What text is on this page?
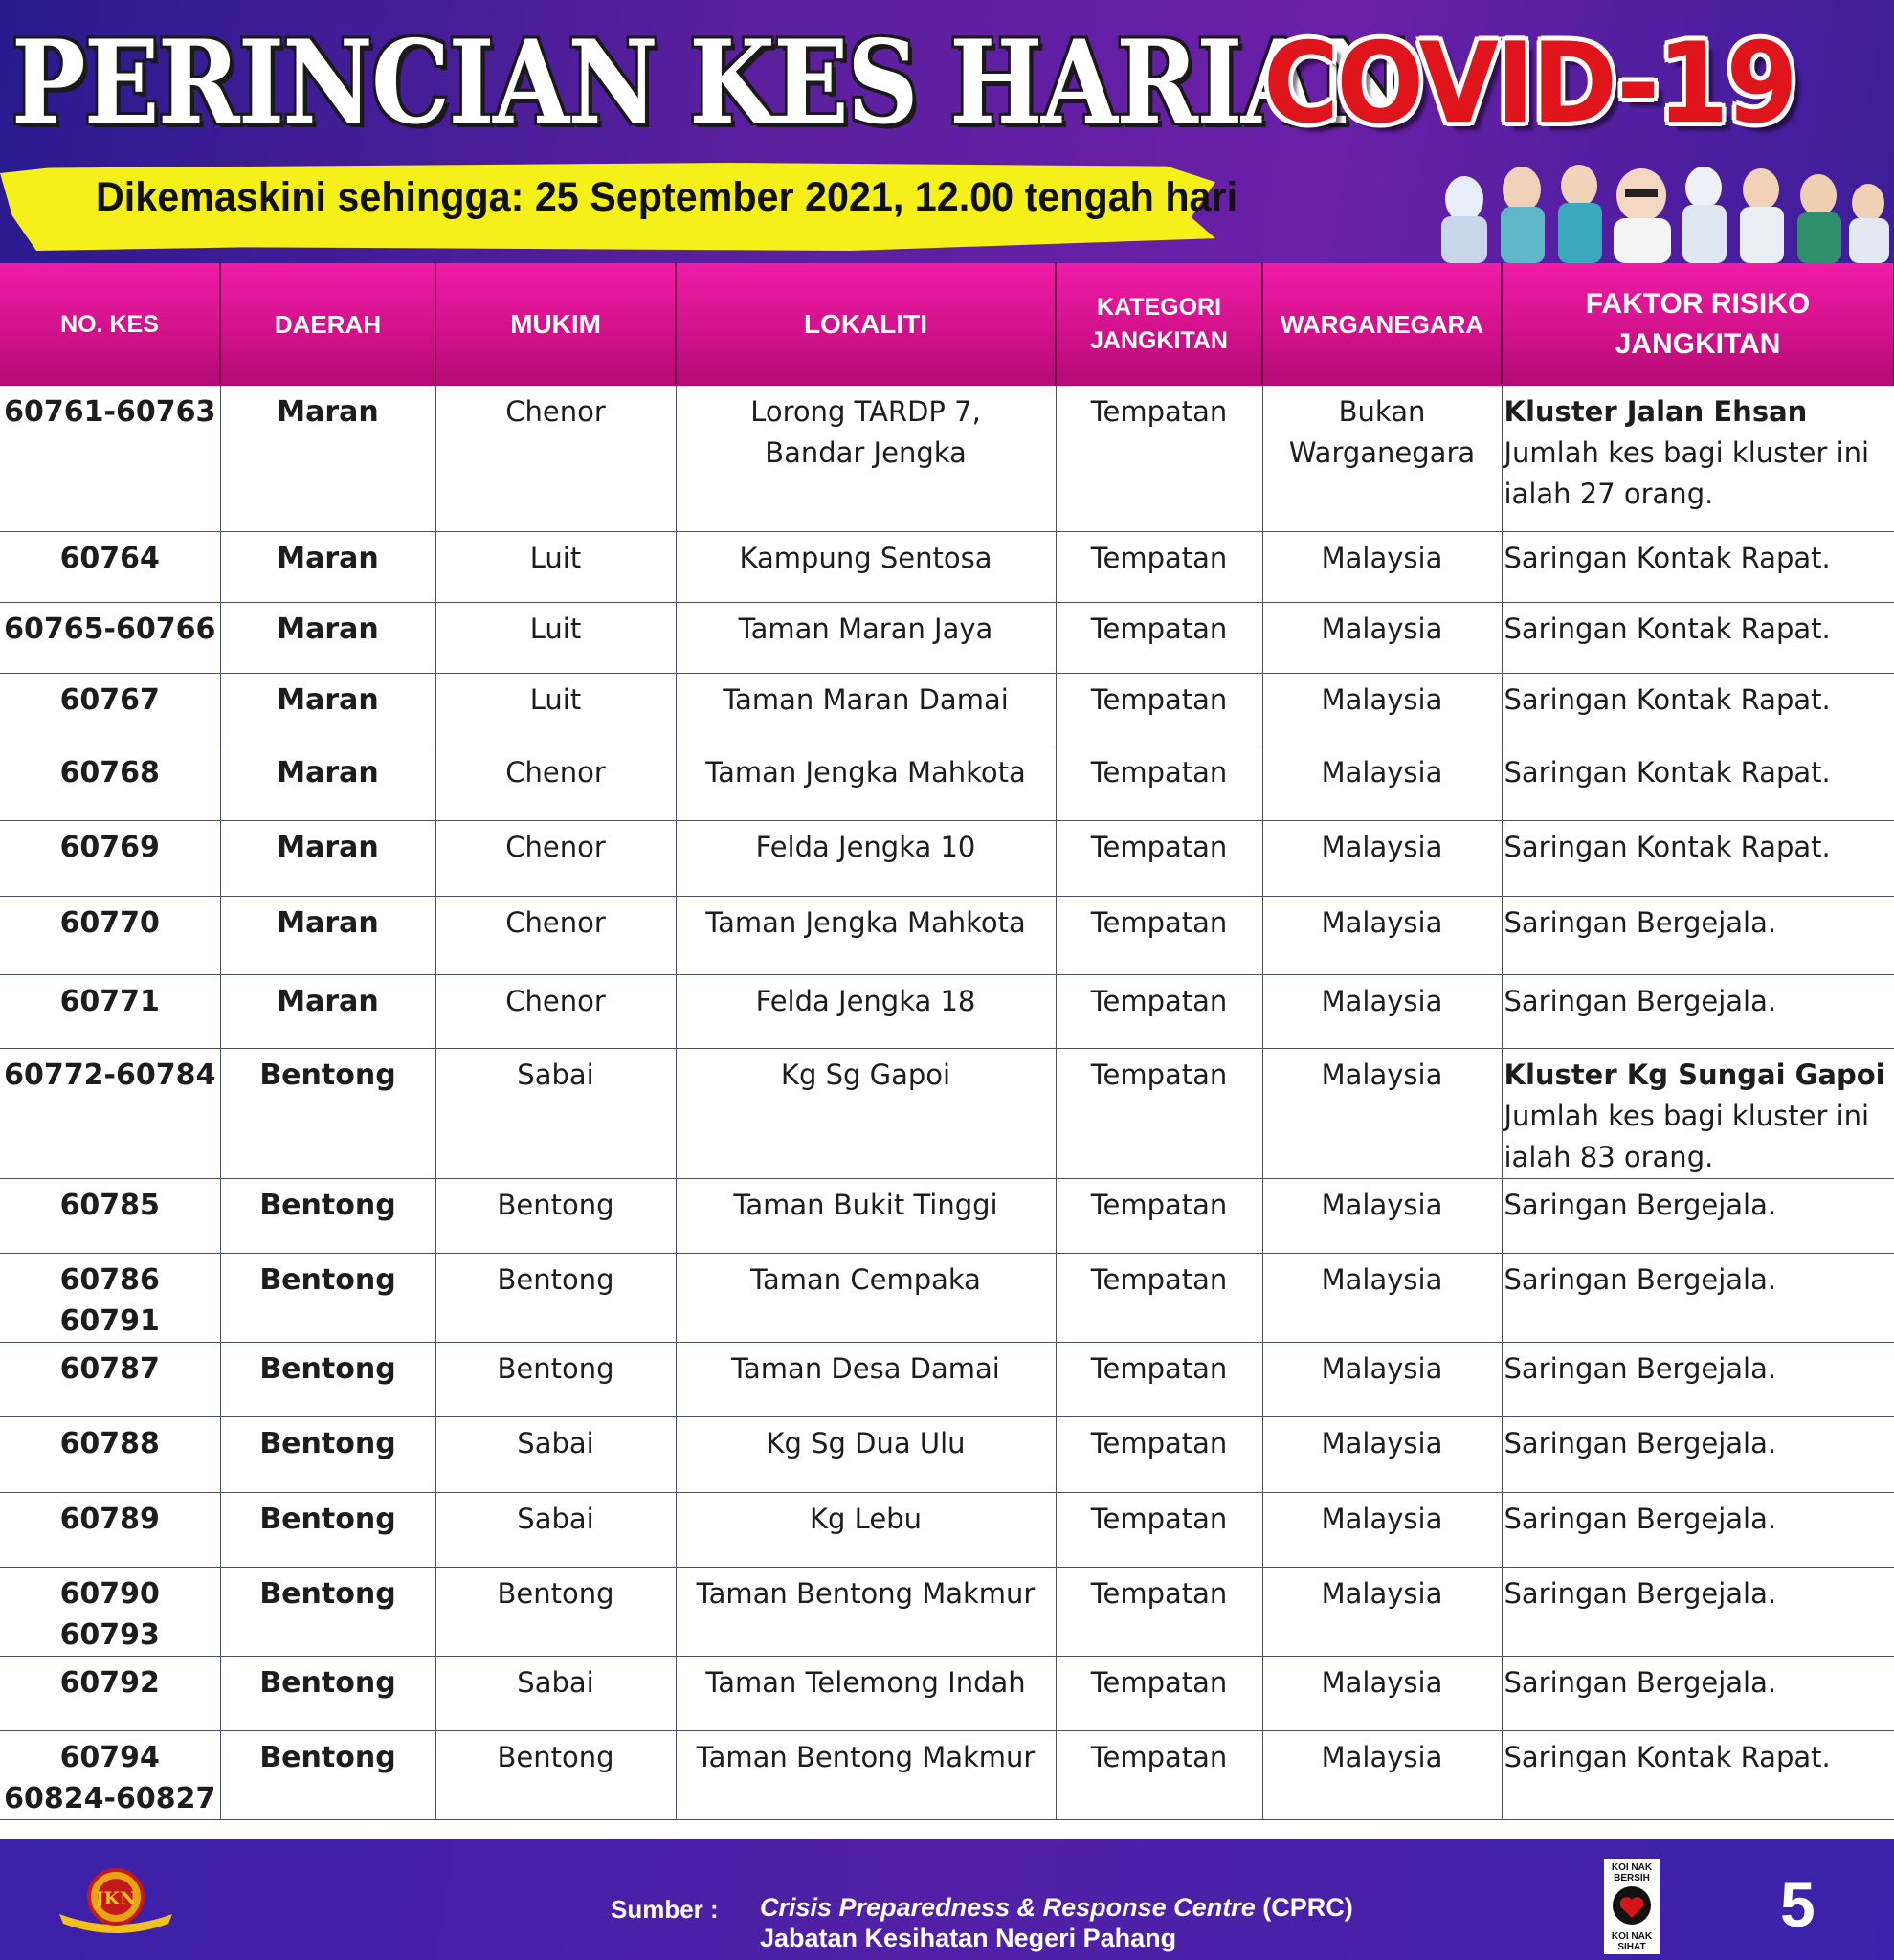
PERINCIAN KES HARIAN
COVID-19
Dikemaskini sehingga: 25 September 2021, 12.00 tengah hari
NO. KES	DAERAH	MUKIM	LOKALITI	KATEGORI
JANGKITAN	WARGANEGARA	FAKTOR RISIKO
JANGKITAN
60761-60763	Maran	Chenor	Lorong TARDP 7,
Bandar Jengka	Tempatan	Bukan
Warganegara	Kluster Jalan Ehsan
Jumlah kes bagi kluster ini ialah 27 orang.
60764	Maran	Luit	Kampung Sentosa	Tempatan	Malaysia	Saringan Kontak Rapat.
60765-60766	Maran	Luit	Taman Maran Jaya	Tempatan	Malaysia	Saringan Kontak Rapat.
60767	Maran	Luit	Taman Maran Damai	Tempatan	Malaysia	Saringan Kontak Rapat.
60768	Maran	Chenor	Taman Jengka Mahkota	Tempatan	Malaysia	Saringan Kontak Rapat.
60769	Maran	Chenor	Felda Jengka 10	Tempatan	Malaysia	Saringan Kontak Rapat.
60770	Maran	Chenor	Taman Jengka Mahkota	Tempatan	Malaysia	Saringan Bergejala.
60771	Maran	Chenor	Felda Jengka 18	Tempatan	Malaysia	Saringan Bergejala.
60772-60784	Bentong	Sabai	Kg Sg Gapoi	Tempatan	Malaysia	Kluster Kg Sungai Gapoi
Jumlah kes bagi kluster ini ialah 83 orang.
60785	Bentong	Bentong	Taman Bukit Tinggi	Tempatan	Malaysia	Saringan Bergejala.
60786
60791	Bentong	Bentong	Taman Cempaka	Tempatan	Malaysia	Saringan Bergejala.
60787	Bentong	Bentong	Taman Desa Damai	Tempatan	Malaysia	Saringan Bergejala.
60788	Bentong	Sabai	Kg Sg Dua Ulu	Tempatan	Malaysia	Saringan Bergejala.
60789	Bentong	Sabai	Kg Lebu	Tempatan	Malaysia	Saringan Bergejala.
60790
60793	Bentong	Bentong	Taman Bentong Makmur	Tempatan	Malaysia	Saringan Bergejala.
60792	Bentong	Sabai	Taman Telemong Indah	Tempatan	Malaysia	Saringan Bergejala.
60794
60824-60827	Bentong	Bentong	Taman Bentong Makmur	Tempatan	Malaysia	Saringan Kontak Rapat.
JKN	Sumber : Crisis Preparedness & Response Centre (CPRC)
Jabatan Kesihatan Negeri Pahang
KOI NAK BERSIH
KOI NAK SIHAT
5
